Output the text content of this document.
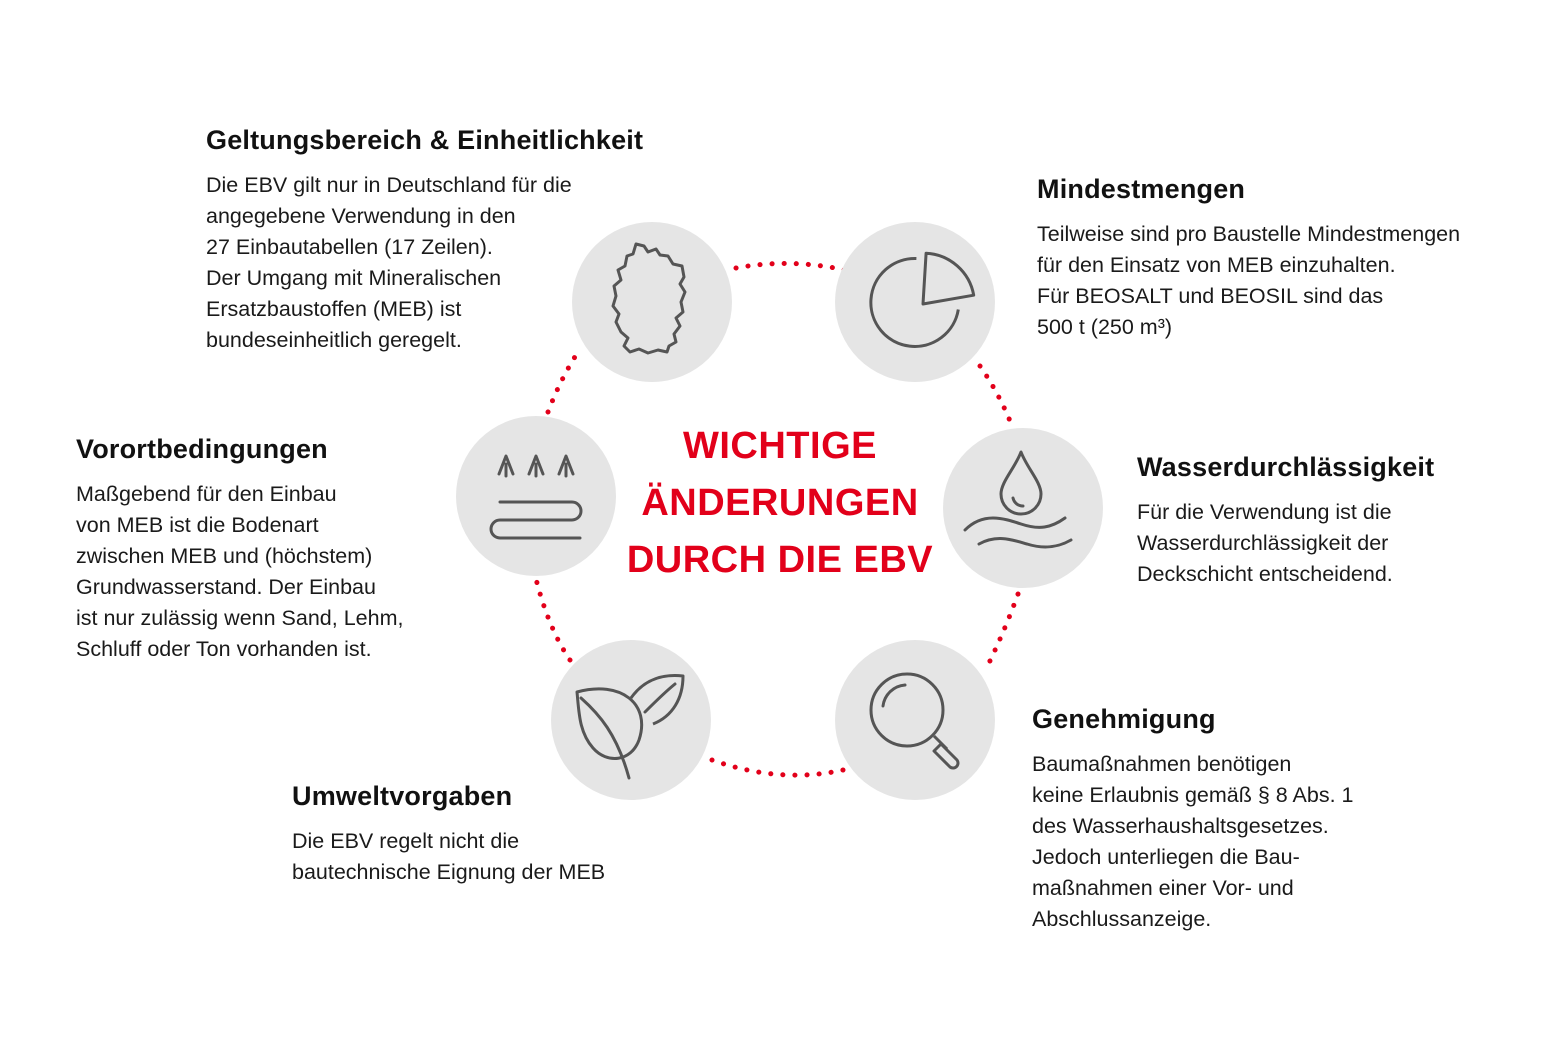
WICHTIGE
ÄNDERUNGEN
DURCH DIE EBV
Geltungsbereich & Einheitlichkeit

Die EBV gilt nur in Deutschland für die
angegebene Verwendung in den
27 Einbautabellen (17 Zeilen).
Der Umgang mit Mineralischen
Ersatzbaustoffen (MEB) ist
bundeseinheitlich geregelt.

Mindestmengen

Teilweise sind pro Baustelle Mindestmengen
für den Einsatz von MEB einzuhalten.
Für BEOSALT und BEOSIL sind das
500 t (250 m³)

Wasserdurchlässigkeit

Für die Verwendung ist die
Wasserdurchlässigkeit der
Deckschicht entscheidend.

Genehmigung

Baumaßnahmen benötigen
keine Erlaubnis gemäß § 8 Abs. 1
des Wasserhaushaltsgesetzes.
Jedoch unterliegen die Bau-
maßnahmen einer Vor- und
Abschlussanzeige.

Umweltvorgaben

Die EBV regelt nicht die
bautechnische Eignung der MEB

Vorortbedingungen

Maßgebend für den Einbau
von MEB ist die Bodenart
zwischen MEB und (höchstem)
Grundwasserstand. Der Einbau
ist nur zulässig wenn Sand, Lehm,
Schluff oder Ton vorhanden ist.
